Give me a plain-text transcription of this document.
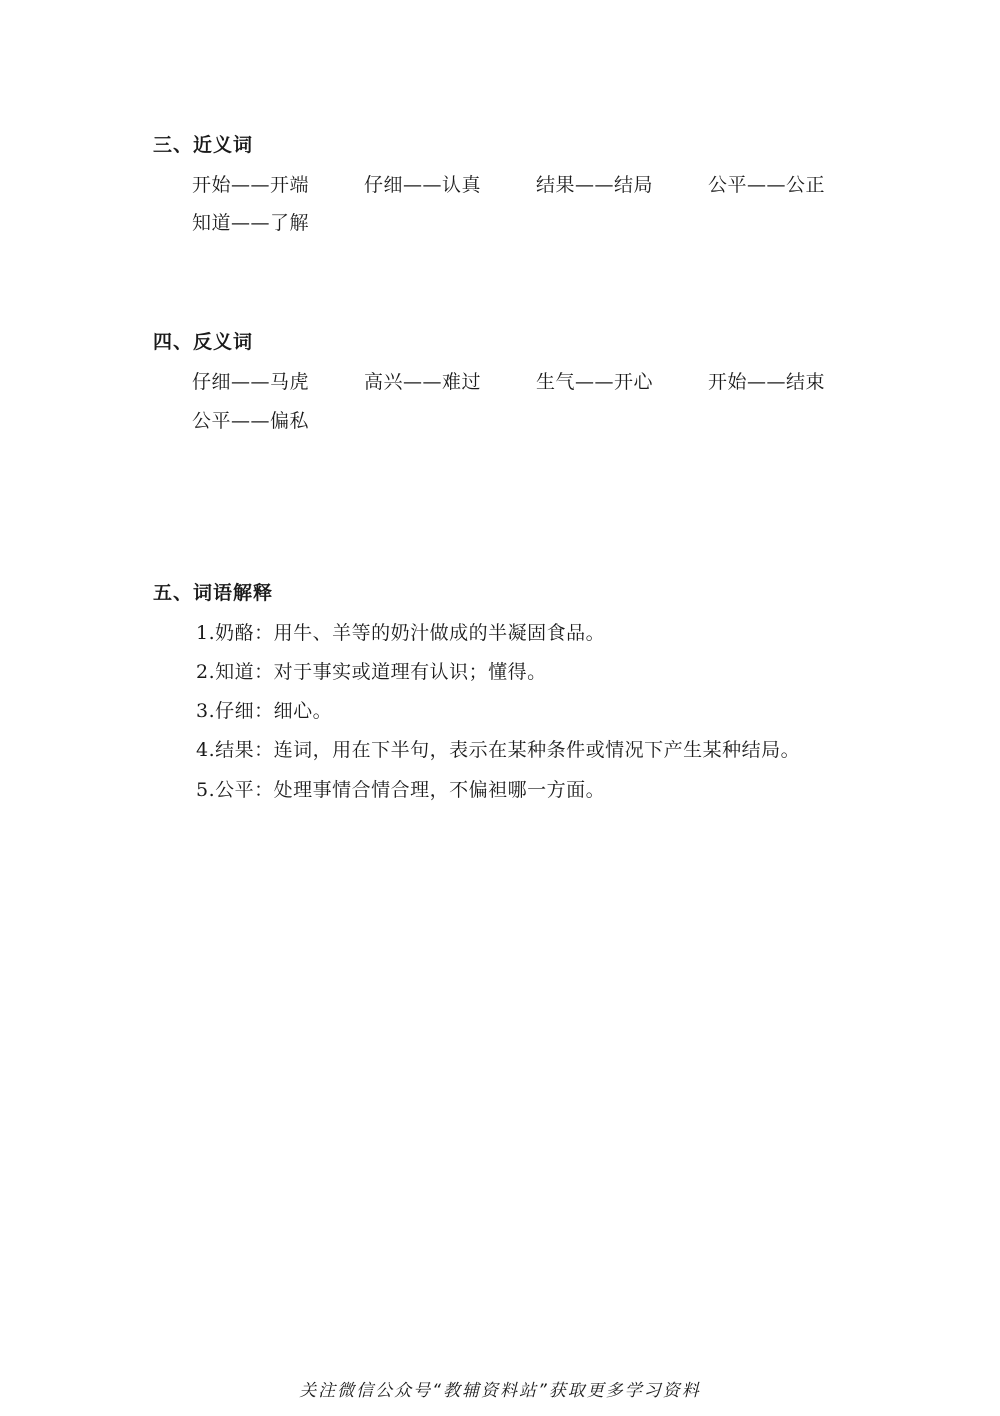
三、近义词
开始——开端	仔细——认真	结果——结局	公平——公正
知道——了解
四、反义词
仔细——马虎	高兴——难过	生气——开心	开始——结束
公平——偏私
五、词语解释
1.奶酪：用牛、羊等的奶汁做成的半凝固食品。
2.知道：对于事实或道理有认识；懂得。
3.仔细：细心。
4.结果：连词，用在下半句，表示在某种条件或情况下产生某种结局。
5.公平：处理事情合情合理，不偏袒哪一方面。
关注微信公众号“教辅资料站”获取更多学习资料
